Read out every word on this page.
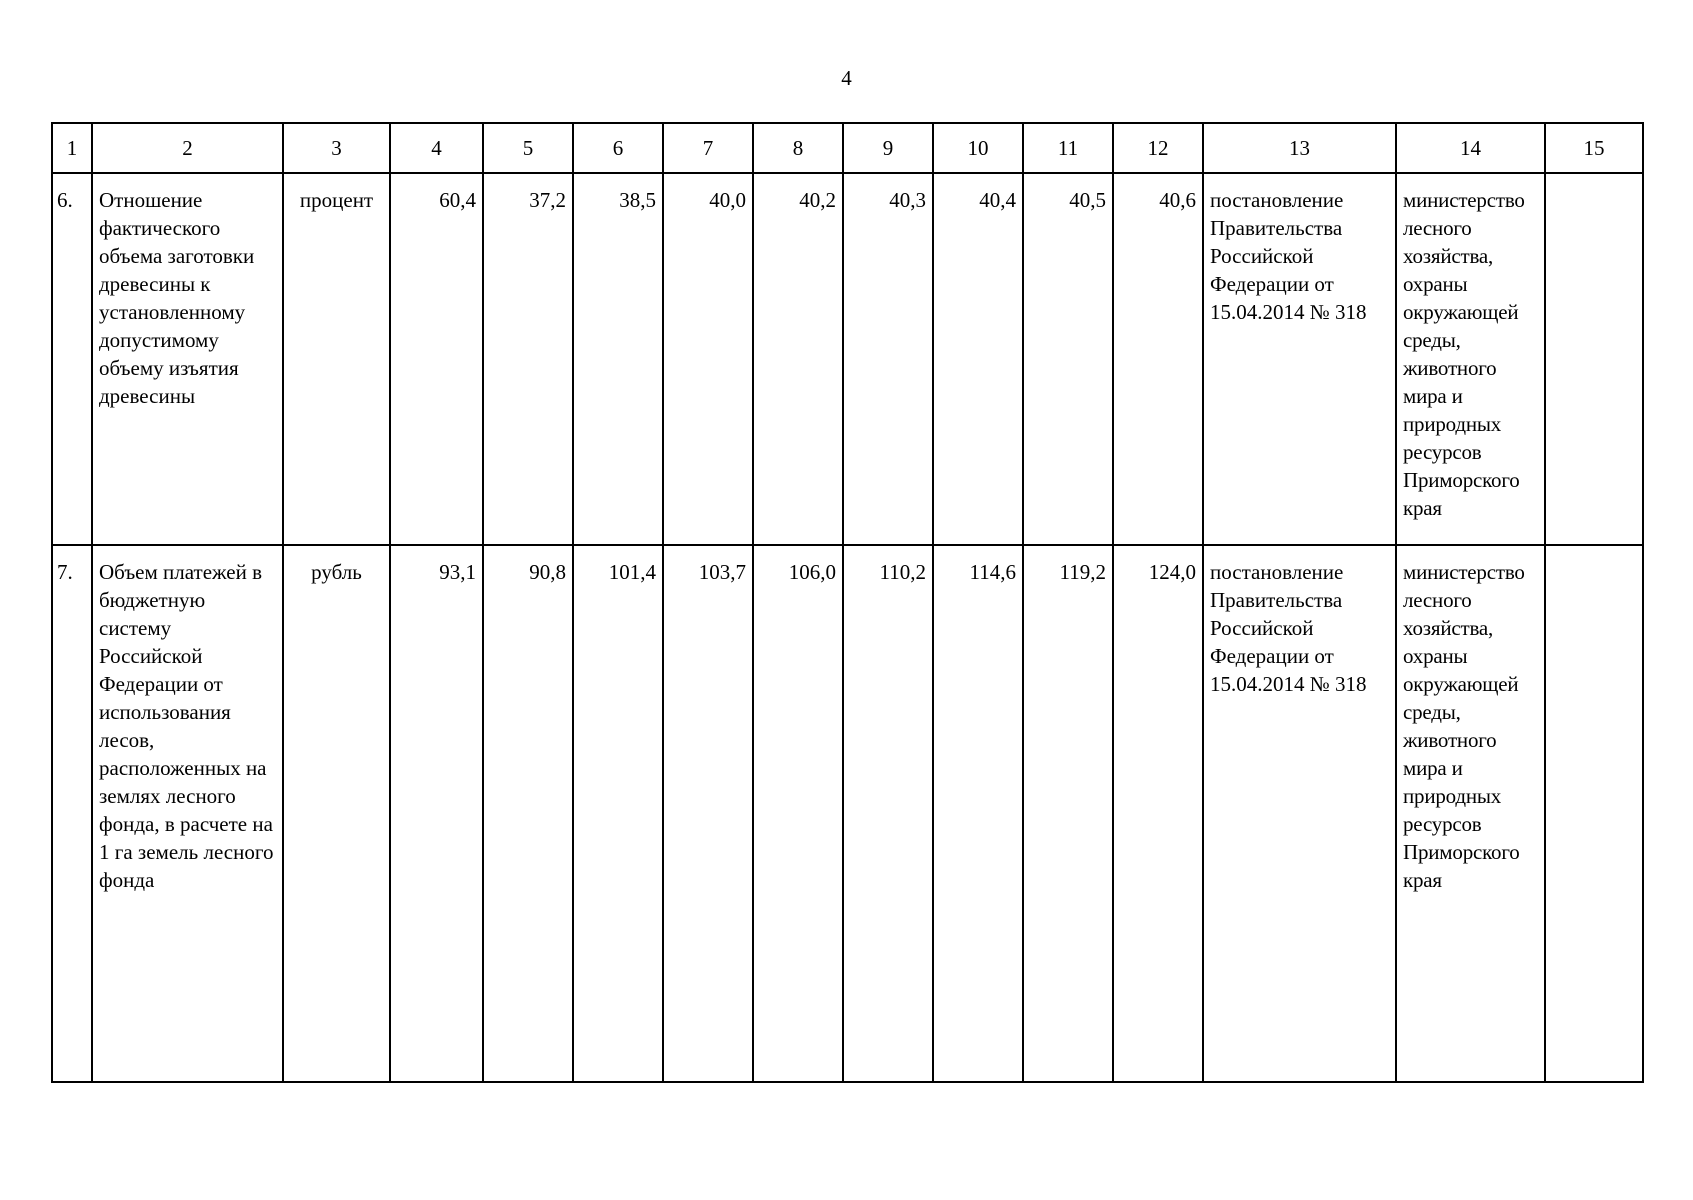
4
1	2	3	4	5	6	7	8	9	10	11	12	13	14	15
6.	Отношение фактического объема заготовки древесины к установленному допустимому объему изъятия древесины	процент	60,4	37,2	38,5	40,0	40,2	40,3	40,4	40,5	40,6	постановление Правительства Российской Федерации от 15.04.2014 № 318	министерство лесного хозяйства, охраны окружающей среды, животного мира и природных ресурсов Приморского края	
7.	Объем платежей в бюджетную систему Российской Федерации от использования лесов, расположенных на землях лесного фонда, в расчете на 1 га земель лесного фонда	рубль	93,1	90,8	101,4	103,7	106,0	110,2	114,6	119,2	124,0	постановление Правительства Российской Федерации от 15.04.2014 № 318	министерство лесного хозяйства, охраны окружающей среды, животного мира и природных ресурсов Приморского края	
